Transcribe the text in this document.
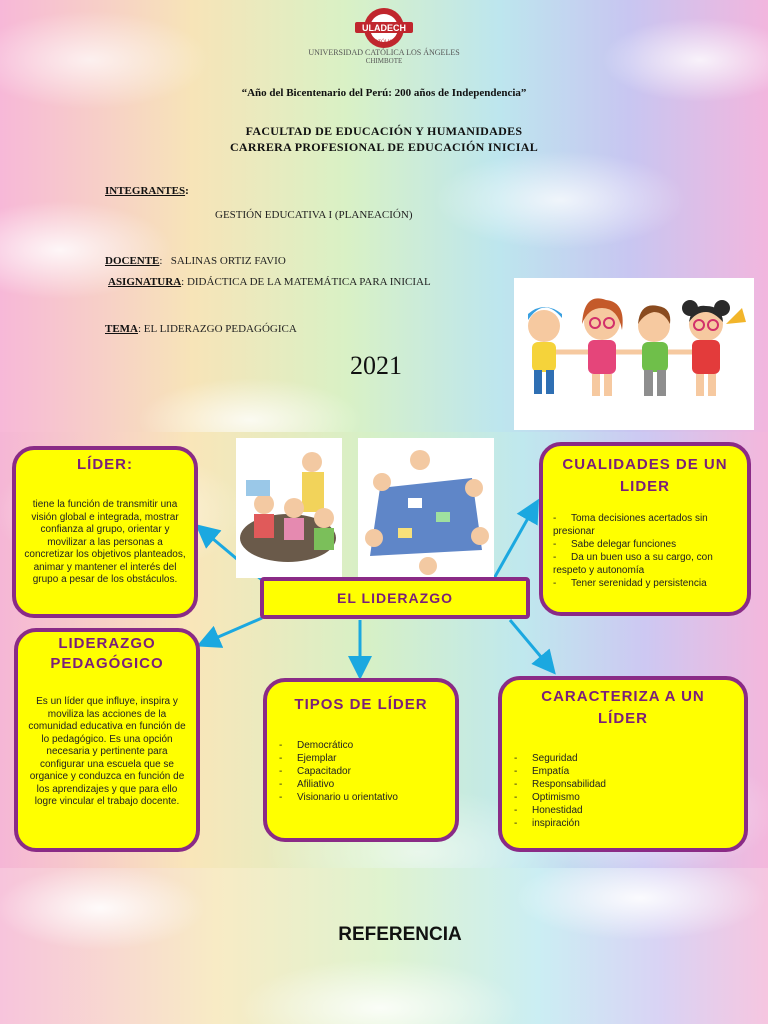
ULADECH
CATÓLICA
UNIVERSIDAD CATÓLICA LOS ÁNGELES
CHIMBOTE
“Año del Bicentenario del Perú: 200 años de Independencia”
FACULTAD DE EDUCACIÓN Y HUMANIDADES
CARRERA PROFESIONAL DE EDUCACIÓN INICIAL
INTEGRANTES:
GESTIÓN EDUCATIVA I (PLANEACIÓN)
DOCENTE:   SALINAS ORTIZ FAVIO
ASIGNATURA: DIDÁCTICA DE LA MATEMÁTICA PARA INICIAL
TEMA: EL LIDERAZGO PEDAGÓGICA
2021
EL LIDERAZGO
LÍDER:
tiene la función de transmitir una visión global e integrada, mostrar confianza al grupo, orientar y movilizar a las personas a concretizar los objetivos planteados, animar y mantener el interés del grupo a pesar de los obstáculos.
CUALIDADES DE UN LIDER
- Toma decisiones acertados sin presionar
- Sabe delegar funciones
- Da un buen uso a su cargo, con respeto y autonomía
- Tener serenidad y persistencia
LIDERAZGO PEDAGÓGICO
Es un líder que influye, inspira y moviliza las acciones de la comunidad educativa en función de lo pedagógico. Es una opción necesaria y pertinente para configurar una escuela que se organice y conduzca en función de los aprendizajes y que para ello logre vincular el trabajo docente.
TIPOS DE LÍDER
- Democrático
- Ejemplar
- Capacitador
- Afiliativo
- Visionario u orientativo
CARACTERIZA A UN LÍDER
- Seguridad
- Empatía
- Responsabilidad
- Optimismo
- Honestidad
- inspiración
REFERENCIA
